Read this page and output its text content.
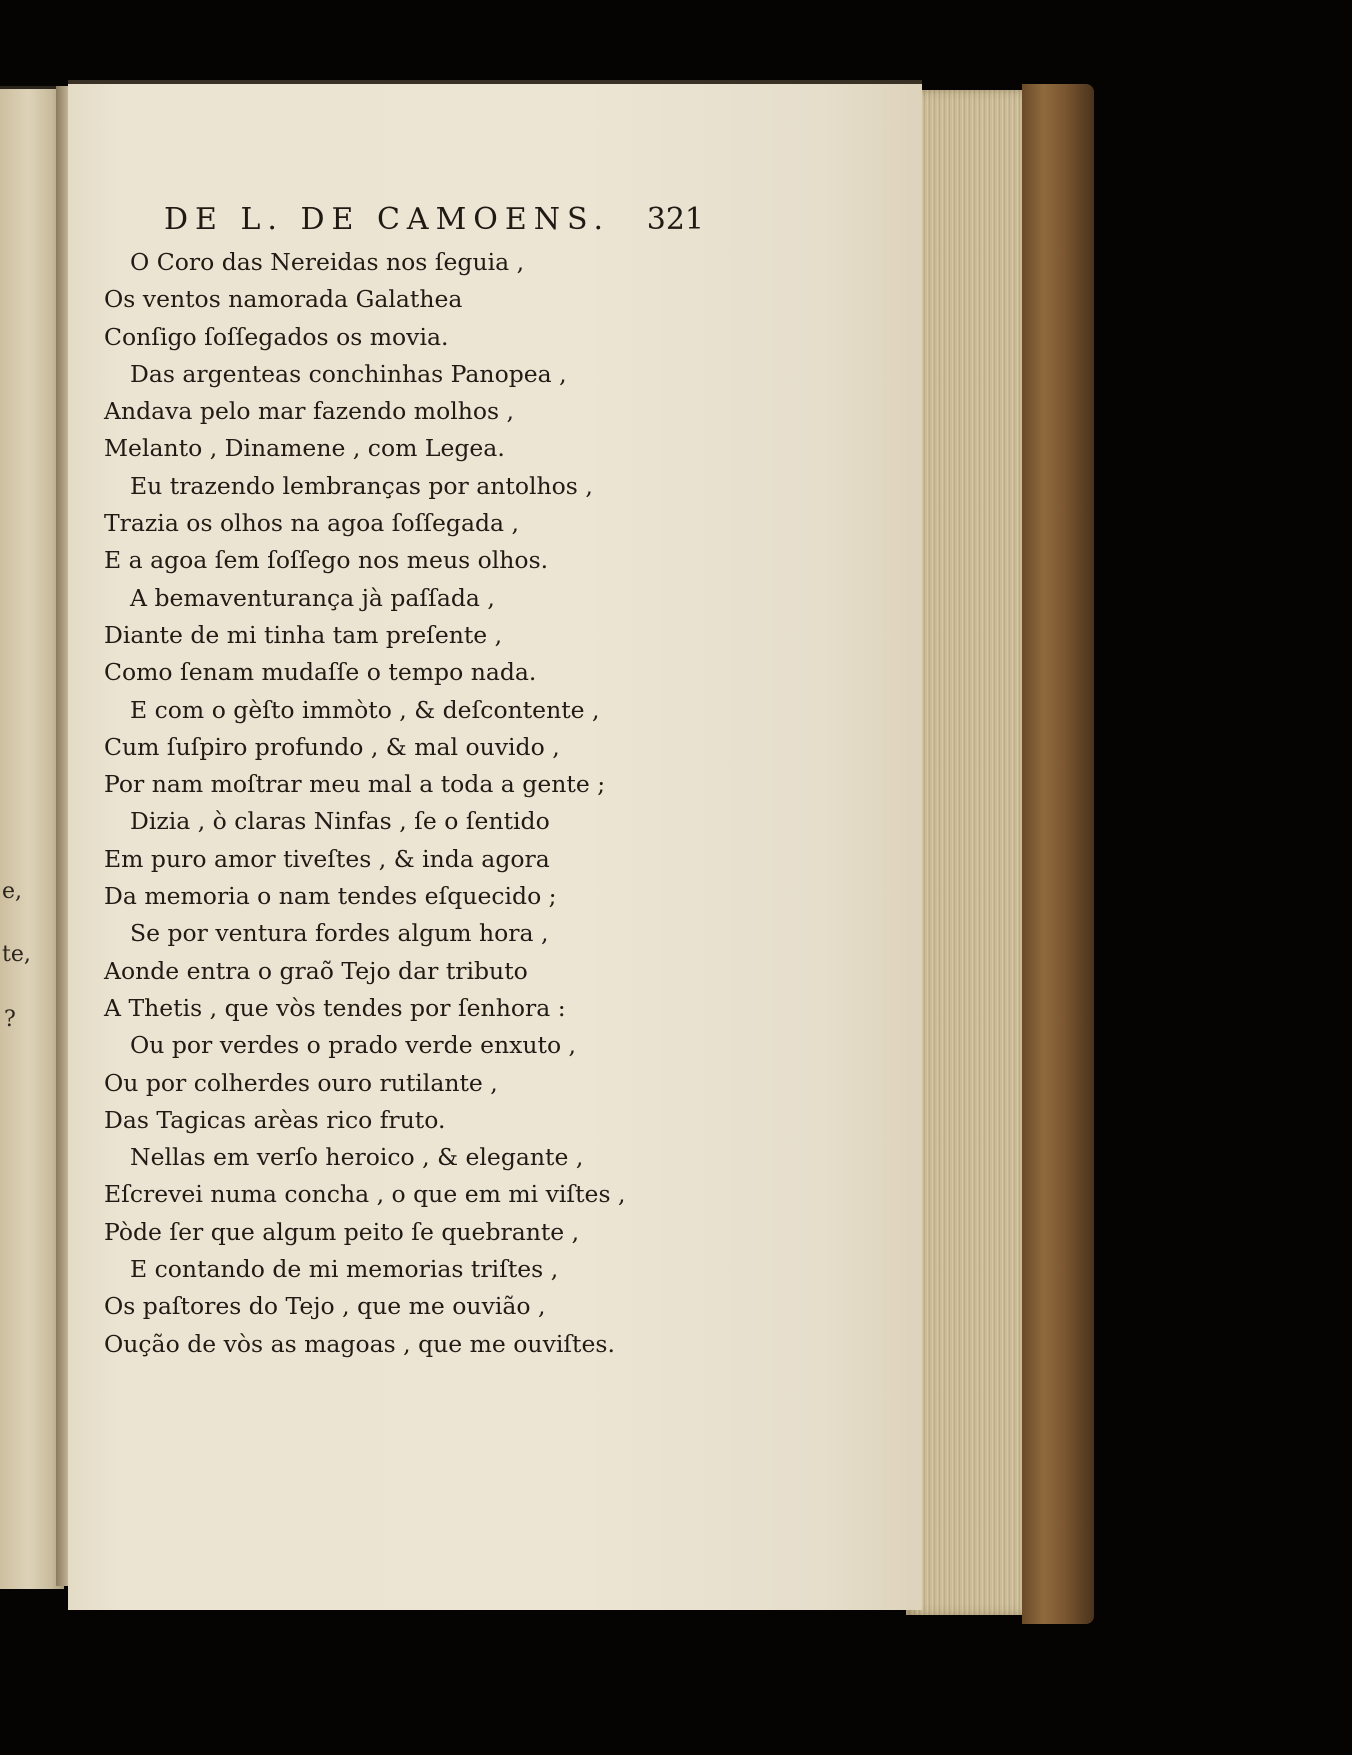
e,
te,
?
DE L. DE CAMOENS. 321
O Coro das Nereidas nos ſeguia ,
Os ventos namorada Galathea
Conſigo ſoſſegados os movia.
Das argenteas conchinhas Panopea ,
Andava pelo mar fazendo molhos ,
Melanto , Dinamene , com Legea.
Eu trazendo lembranças por antolhos ,
Trazia os olhos na agoa ſoſſegada ,
E a agoa ſem ſoſſego nos meus olhos.
A bemaventurança jà paſſada ,
Diante de mi tinha tam preſente ,
Como ſenam mudaſſe o tempo nada.
E com o gèſto immòto , & deſcontente ,
Cum ſuſpiro profundo , & mal ouvido ,
Por nam moſtrar meu mal a toda a gente ;
Dizia , ò claras Ninfas , ſe o ſentido
Em puro amor tiveſtes , & inda agora
Da memoria o nam tendes eſquecido ;
Se por ventura fordes algum hora ,
Aonde entra o graõ Tejo dar tributo
A Thetis , que vòs tendes por ſenhora :
Ou por verdes o prado verde enxuto ,
Ou por colherdes ouro rutilante ,
Das Tagicas arèas rico fruto.
Nellas em verſo heroico , & elegante ,
Eſcrevei numa concha , o que em mi viſtes ,
Pòde ſer que algum peito ſe quebrante ,
E contando de mi memorias triſtes ,
Os paſtores do Tejo , que me ouvião ,
Oução de vòs as magoas , que me ouviſtes.
